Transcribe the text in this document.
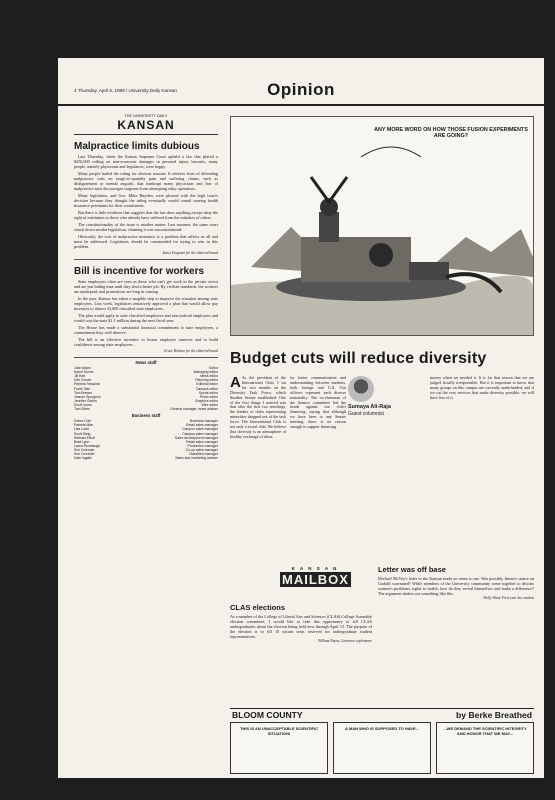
4 Thursday, April 6, 1989 / University Daily Kansan	Opinion
THE UNIVERSITY DAILY
KANSAN
Malpractice limits dubious

Last Thursday, when the Kansas Supreme Court upheld a law that placed a $250,000 ceiling on non-economic damages in personal injury lawsuits, many people, namely physicians and legislators, were happy.

Many people hailed the ruling for obvious reasons: It relieves fears of defending malpractice suits on tough-to-quantify pain and suffering claims, such as disfigurement or mental anguish, that bankrupt many physicians and fear of malpractice suits discourages surgeons from attempting risky operations.

Many legislators, and Gov. Mike Hayden, were pleased with the high court's decision because they thought the ruling eventually would curtail soaring health insurance premiums for their constituents.

But there is little evidence that suggests that the law does anything except deny the right of restitution to those who already have suffered from the mistakes of others.

The constitutionality of the issue is another matter. Last summer, the same court struck down similar legislation, claiming it was unconstitutional.

Obviously, the cost of malpractice insurance is a problem that affects us all and must be addressed. Legislators should be commended for trying to rein in this problem.

James Fargusin for the editorial board
Bill is incentive for workers

State employees often are seen as those who can't get work in the private sector and are just biding time until they find a better job. By civilian standards, the workers are underpaid, and promotions are long in coming.

In the past, Kansas has taken a tangible step to improve the situation among state employees. Last week, legislators tentatively approved a plan that would allow pay increases to almost 33,000 classified state employees.

The plan would apply to state classified employees and non-judicial employees and would cost the state $1.1 million during the next fiscal year.

The House has made a substantial financial commitment to state employees, a commitment they well deserve.

The bill is an effective incentive to lessen employee turnover and to build confidence among state employees.

Grace Hobson for the editorial board
News staff
Julie Adam	Editor
Karen Morris	Managing editor
Jill Hart	News editor
Deb Grover	Planning editor
Pamela Farquhar	Editorial editor
Frank Tate	Campus editor
Tom Brewer	Sports editor
Jeanne Spurgeon	Photo editor
Jennifer Gwinn	Graphics editor
Scott Jones	Wire editor
Tom Eilers	General manager, news adviser
Business staff
Debra Cole	Business manager
Pamela Mae	Retail sales manager
Lisa Ladd	Campus sales manager
Scott Steig	Campus sales manager
Michael Elliott	Sales development manager
Brad Lynn	Retail sales manager
Laura Rumbaugh	Production manager
Kim Coleman	Co-op sales manager
Sue Cronister	Classified manager
Kate Ingalls	Sales and marketing adviser
ANY MORE WORD ON HOW THOSE FUSION EXPERIMENTS ARE GOING?
Budget cuts will reduce diversity
A As the president of the International Club, I sat for two months on the Diversity Task Force, which Student Senate established. One of the first things I noticed was that after the first two meetings, the leaders of clubs representing minorities dropped out of the task force. The International Club is not only a social club. We believe that diversity is an atmosphere of healthy exchange of ideas.
for better communication and understanding between students, both foreign and U.S. Our officers represent each diverse nationality. The co-chairman of the finance committee led the tirade against our club's financing, saying that although we have been to any Senate meeting, there is no reason enough to support financing.
Sumaya Ali-Raja
Guest columnist
money when we needed it. It is for that reason that we are judged fiscally irresponsible. But it is important to know that many groups on this campus are currently underfunded, and if we cut the very services that make diversity possible, we will have less of it.
K A N S A N
MAILBOX
CLAS elections
As a member of the College of Liberal Arts and Sciences (CLAS) College Assembly election committee, I would like to take this opportunity to tell CLAS undergraduates about the election being held now through April 13. The purpose of the election is to fill 10 vacant seats reserved for undergraduate student representatives.
William Nayne, Lawrence sophomore
Letter was off base
Michael McVey's letter to the Kansan made no sense to me. Was possibly Imran's stance on Gadaffi warranted? While members of the University community come together to discuss women's problems, rights to health, how do they reveal themselves and make a difference? The argument shakes out something like this.
Holly Wood, First-year law student
BLOOM COUNTY	by Berke Breathed
THIS IS AN UNACCEPTABLE SCIENTIFIC SITUATION!
A MAN WHO IS SUPPOSED TO HAVE...	...WE DEMAND THE SCIENTIFIC INTEGRITY AND HONOR THAT WE MAY...
